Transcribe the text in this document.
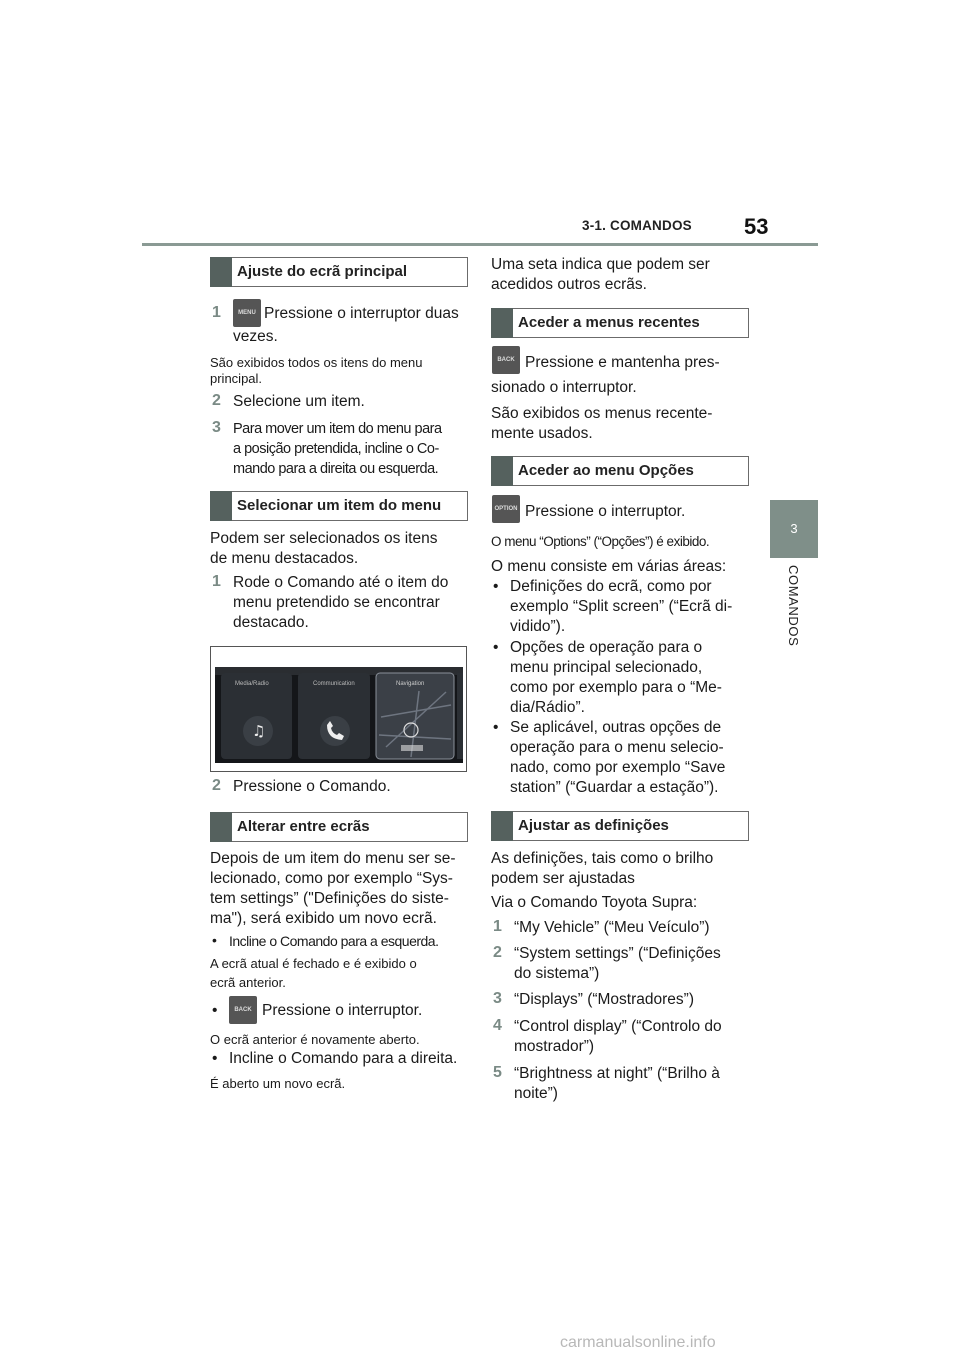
3-1. COMANDOS 53
3
COMANDOS
Ajuste do ecrã principal
1	MENU Pressione o interruptor duas
vezes.
São exibidos todos os itens do menu principal.
2 Selecione um item.
3 Para mover um item do menu para
a posição pretendida, incline o Co-
mando para a direita ou esquerda.
Selecionar um item do menu
Podem ser selecionados os itens
de menu destacados.
1 Rode o Comando até o item do
menu pretendido se encontrar
destacado.
Media/Radio
♫
Communication	Navigation
2 Pressione o Comando.
Alterar entre ecrãs
Depois de um item do menu ser se-
lecionado, como por exemplo “Sys-
tem settings” ("Definições do siste-
ma"), será exibido um novo ecrã.
• Incline o Comando para a esquerda.
A ecrã atual é fechado e é exibido o
ecrã anterior.
•	BACK Pressione o interruptor.
O ecrã anterior é novamente aberto.
• Incline o Comando para a direita.
É aberto um novo ecrã.
Uma seta indica que podem ser
acedidos outros ecrãs.
Aceder a menus recentes
BACK Pressione e mantenha pres-
sionado o interruptor.
São exibidos os menus recente-
mente usados.
Aceder ao menu Opções
OPTION Pressione o interruptor.
O menu “Options” (“Opções”) é exibido.
O menu consiste em várias áreas:
• Definições do ecrã, como por
exemplo “Split screen” (“Ecrã di-
vidido”).
• Opções de operação para o
menu principal selecionado,
como por exemplo para o “Me-
dia/Rádio”.
• Se aplicável, outras opções de
operação para o menu selecio-
nado, como por exemplo “Save
station” (“Guardar a estação”).
Ajustar as definições
As definições, tais como o brilho
podem ser ajustadas
Via o Comando Toyota Supra:
1 “My Vehicle” (“Meu Veículo”)
2 “System settings” (“Definições
do sistema”)
3 “Displays” (“Mostradores”)
4 “Control display” (“Controlo do
mostrador”)
5 “Brightness at night” (“Brilho à
noite”)
carmanualsonline.info
